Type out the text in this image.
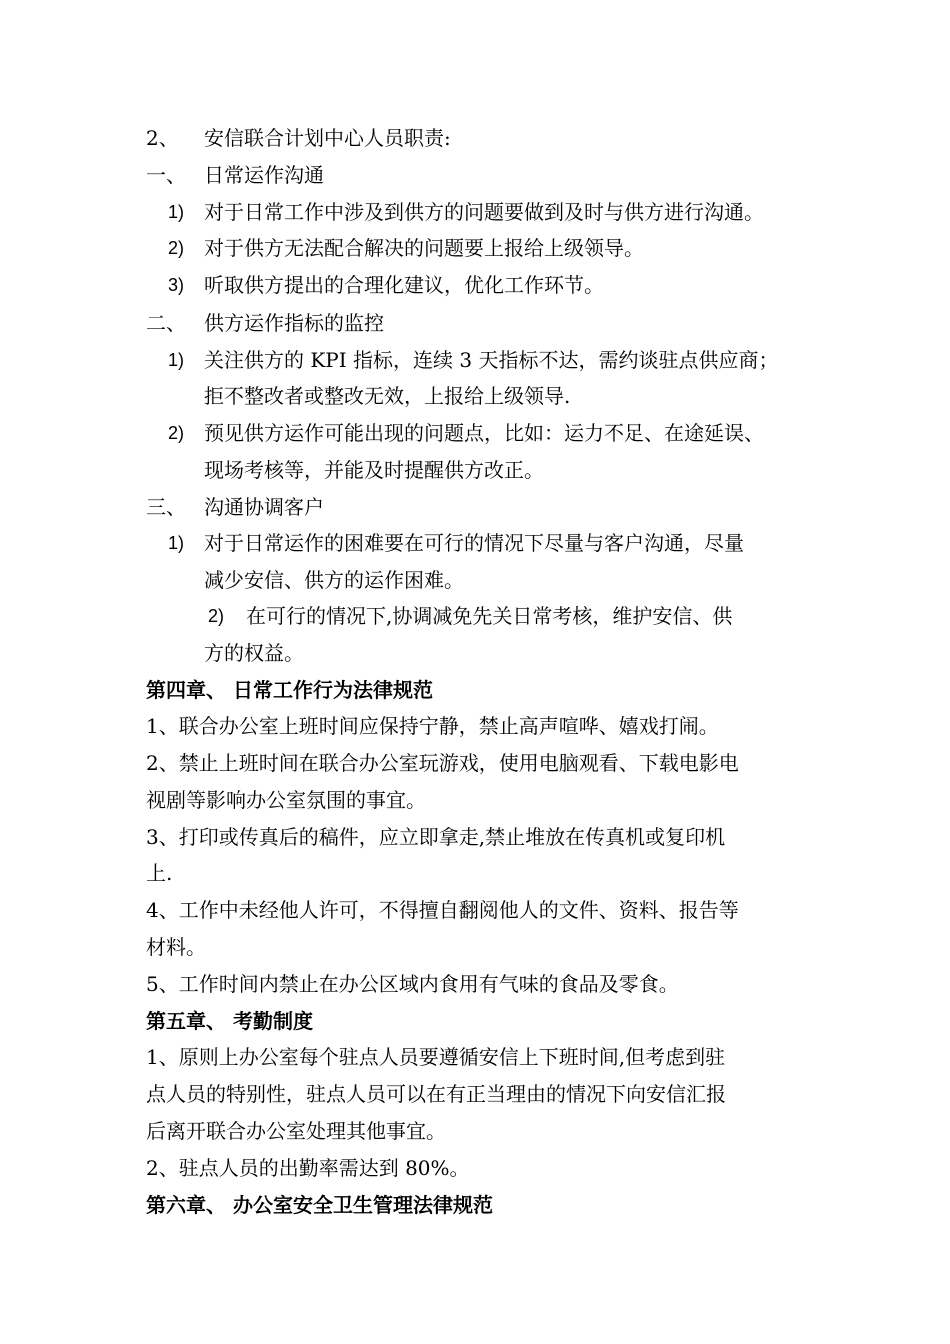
2、 安信联合计划中心人员职责:
一、 日常运作沟通
1) 对于日常工作中涉及到供方的问题要做到及时与供方进行沟通。
2) 对于供方无法配合解决的问题要上报给上级领导。
3) 听取供方提出的合理化建议，优化工作环节。
二、 供方运作指标的监控
1) 关注供方的 KPI 指标，连续 3 天指标不达，需约谈驻点供应商；
拒不整改者或整改无效，上报给上级领导.
2) 预见供方运作可能出现的问题点，比如：运力不足、在途延误、
现场考核等，并能及时提醒供方改正。
三、 沟通协调客户
1) 对于日常运作的困难要在可行的情况下尽量与客户沟通，尽量
减少安信、供方的运作困难。
2) 在可行的情况下,协调减免先关日常考核，维护安信、供
方的权益。
第四章、 日常工作行为法律规范
1、联合办公室上班时间应保持宁静，禁止高声喧哗、嬉戏打闹。
2、禁止上班时间在联合办公室玩游戏，使用电脑观看、下载电影电
视剧等影响办公室氛围的事宜。
3、打印或传真后的稿件，应立即拿走,禁止堆放在传真机或复印机
上.
4、工作中未经他人许可，不得擅自翻阅他人的文件、资料、报告等
材料。
5、工作时间内禁止在办公区域内食用有气味的食品及零食。
第五章、 考勤制度
1、原则上办公室每个驻点人员要遵循安信上下班时间,但考虑到驻
点人员的特别性，驻点人员可以在有正当理由的情况下向安信汇报
后离开联合办公室处理其他事宜。
2、驻点人员的出勤率需达到 80%。
第六章、 办公室安全卫生管理法律规范
